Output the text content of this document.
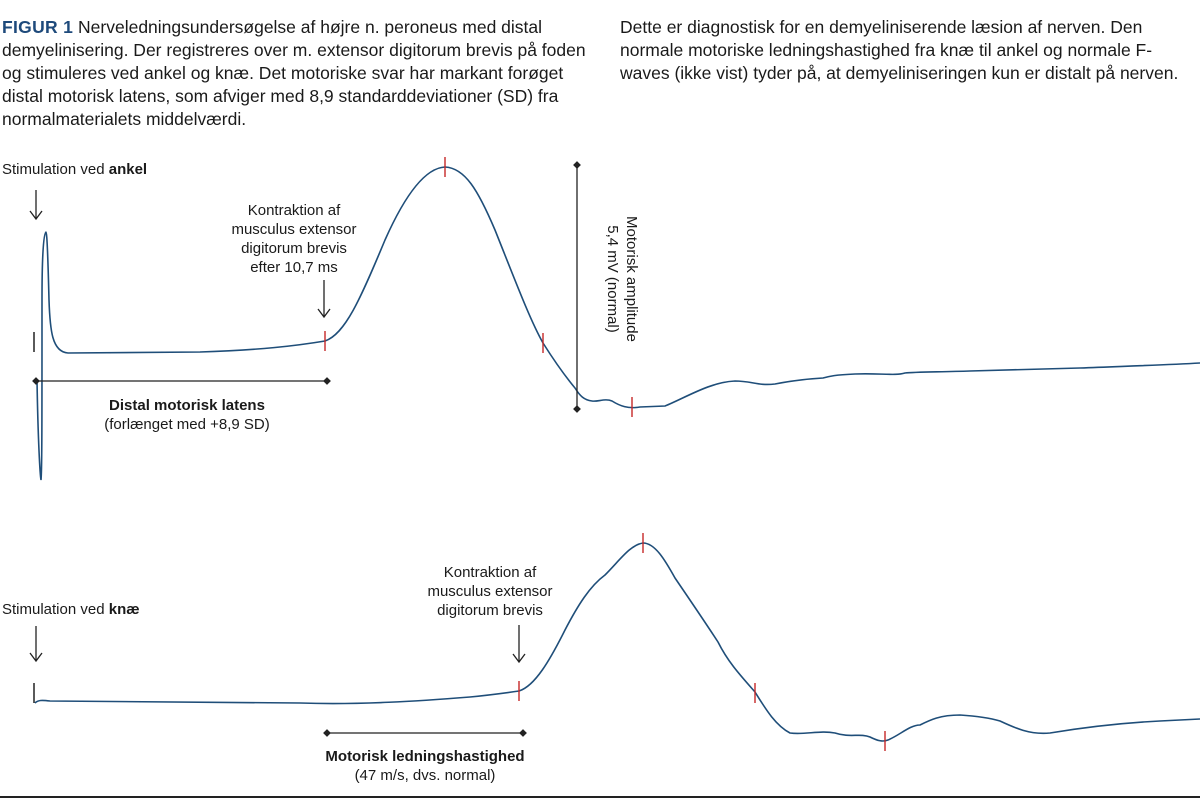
FIGUR 1 Nerveledningsundersøgelse af højre n. peroneus med distal demyelinisering. Der registreres over m. extensor digitorum brevis på foden og stimuleres ved ankel og knæ. Det motoriske svar har markant forøget distal motorisk latens, som afviger med 8,9 standarddeviationer (SD) fra normalmaterialets middelværdi.
Dette er diagnostisk for en demyeliniserende læsion af nerven. Den normale motoriske ledningshastighed fra knæ til ankel og normale F-waves (ikke vist) tyder på, at demyeliniseringen kun er distalt på nerven.
Stimulation ved ankel
Kontraktion af
musculus extensor
digitorum brevis
efter 10,7 ms
Distal motorisk latens
(forlænget med +8,9 SD)
Motorisk amplitude
5,4 mV (normal)
Stimulation ved knæ
Kontraktion af
musculus extensor
digitorum brevis
Motorisk ledningshastighed
(47 m/s, dvs. normal)
